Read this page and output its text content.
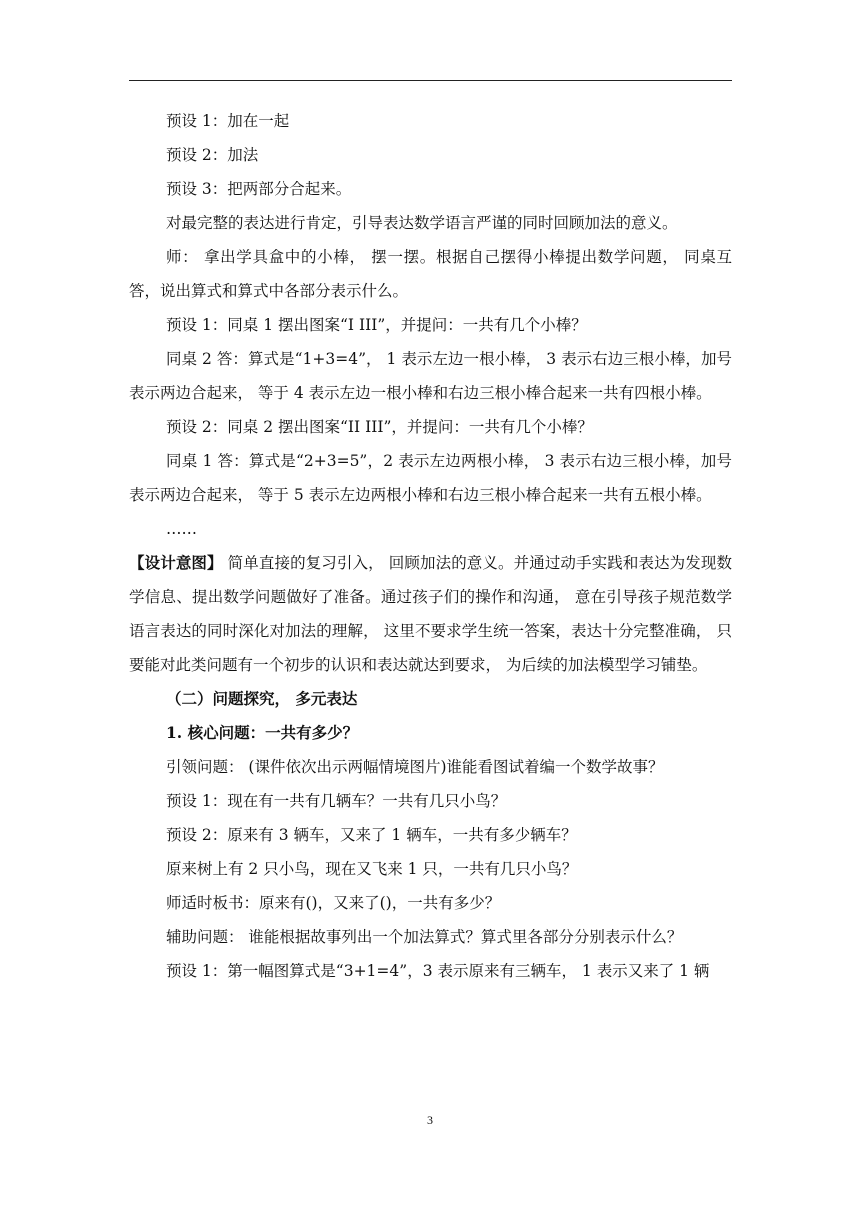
预设 1：加在一起

预设 2：加法

预设 3：把两部分合起来。

对最完整的表达进行肯定，引导表达数学语言严谨的同时回顾加法的意义。

师： 拿出学具盒中的小棒， 摆一摆。根据自己摆得小棒提出数学问题， 同桌互答，说出算式和算式中各部分表示什么。

预设 1：同桌 1 摆出图案“I III”，并提问：一共有几个小棒？

同桌 2 答：算式是“1+3=4”， 1 表示左边一根小棒， 3 表示右边三根小棒，加号表示两边合起来， 等于 4 表示左边一根小棒和右边三根小棒合起来一共有四根小棒。

预设 2：同桌 2 摆出图案“II III”，并提问：一共有几个小棒？

同桌 1 答：算式是“2+3=5”，2 表示左边两根小棒， 3 表示右边三根小棒，加号表示两边合起来， 等于 5 表示左边两根小棒和右边三根小棒合起来一共有五根小棒。

……

【设计意图】 简单直接的复习引入， 回顾加法的意义。并通过动手实践和表达为发现数学信息、提出数学问题做好了准备。通过孩子们的操作和沟通， 意在引导孩子规范数学语言表达的同时深化对加法的理解， 这里不要求学生统一答案，表达十分完整准确， 只要能对此类问题有一个初步的认识和表达就达到要求， 为后续的加法模型学习铺垫。

（二）问题探究， 多元表达

1. 核心问题：一共有多少？

引领问题： (课件依次出示两幅情境图片)谁能看图试着编一个数学故事？

预设 1：现在有一共有几辆车？一共有几只小鸟？

预设 2：原来有 3 辆车，又来了 1 辆车，一共有多少辆车？

原来树上有 2 只小鸟，现在又飞来 1 只，一共有几只小鸟？

师适时板书：原来有()，又来了()，一共有多少？

辅助问题： 谁能根据故事列出一个加法算式？算式里各部分分别表示什么？

预设 1：第一幅图算式是“3+1=4”，3 表示原来有三辆车， 1 表示又来了 1 辆

3
